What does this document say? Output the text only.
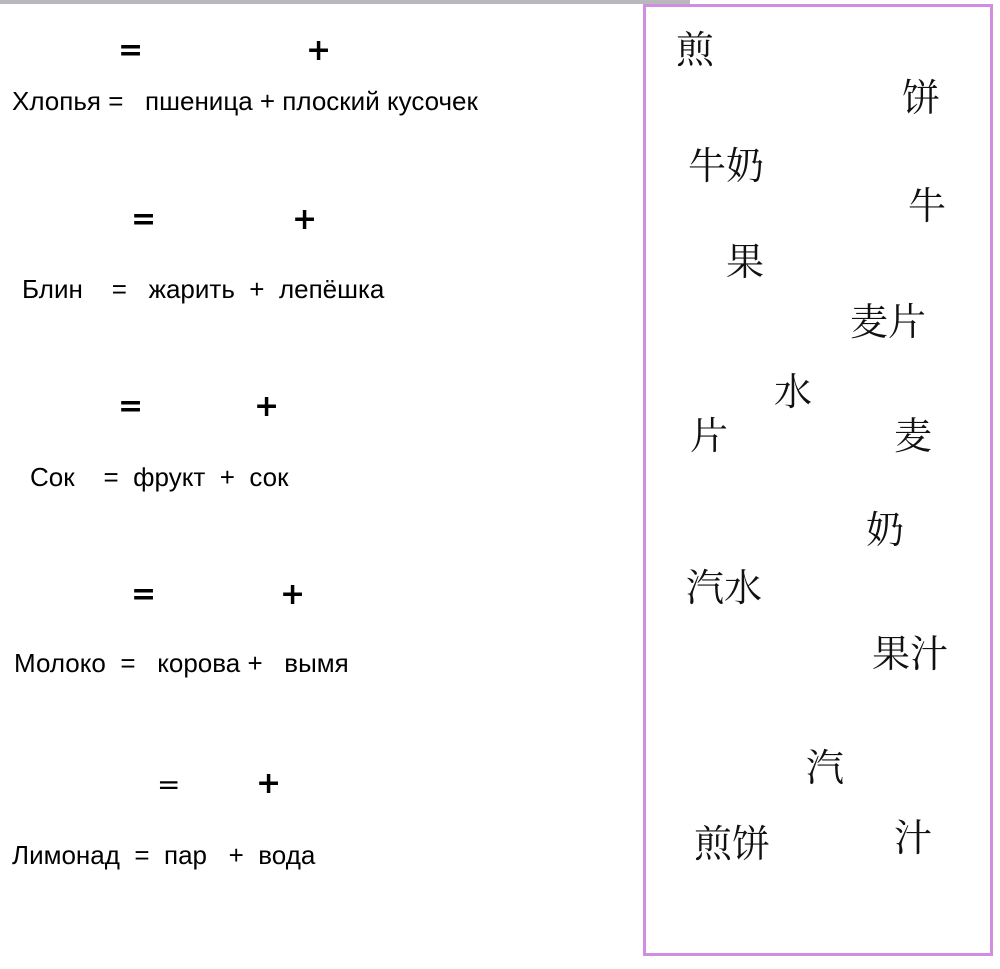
=	+
Хлопья =   пшеница + плоский кусочек
=	+
Блин    =   жарить  +  лепёшка
=	+
Сок    =  фрукт  +  сок
=	+
Молоко  =   корова +   вымя
=	+
Лимонад  =  пар   +  вода
煎
饼
牛奶
牛
果
麦片
水
片	麦
奶
汽水
果汁
汽
煎饼	汁
